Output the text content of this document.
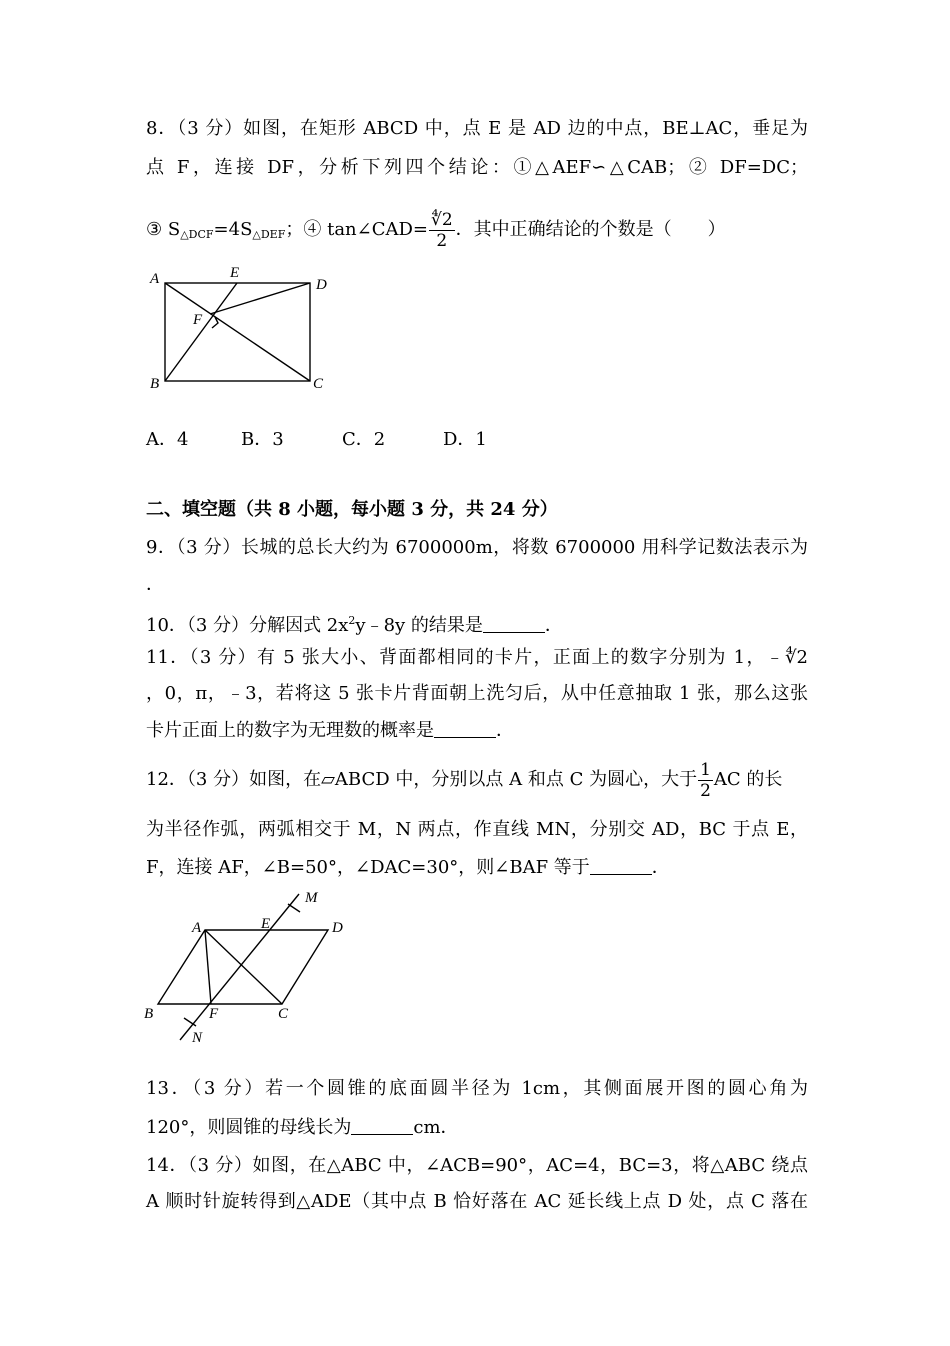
8．（3 分）如图，在矩形 ABCD 中，点 E 是 AD 边的中点，BE⊥AC，垂足为
点 F，连接 DF，分析下列四个结论：①△AEF∽△CAB；② DF=DC；
③ $S_{\triangle DCF}=4S_{\triangle DEF}$；④ tan∠CAD= $\frac{∜2}{2}$ ．其中正确结论的个数是（　　）
A	E
D
F
B	C
A．4	B．3	C．2	D．1
二、填空题（共 8 小题，每小题 3 分，共 24 分）
9．（3 分）长城的总长大约为 6700000m，将数 6700000 用科学记数法表示为
．
10．（3 分）分解因式 $2x^2y﹣8y$ 的结果是	．
11．（3 分）有 5 张大小、背面都相同的卡片，正面上的数字分别为 1，﹣∜2
，0，π，﹣3，若将这 5 张卡片背面朝上洗匀后，从中任意抽取 1 张，那么这张
卡片正面上的数字为无理数的概率是	．
12．（3 分）如图，在▱ABCD 中，分别以点 A 和点 C 为圆心，大于 $\frac{1}{2}$ AC 的长
为半径作弧，两弧相交于 M，N 两点，作直线 MN，分别交 AD，BC 于点 E，
F，连接 AF，∠B=50°，∠DAC=30°，则∠BAF 等于	．
A	E
M
D
B	F	C
N
13．（3 分）若一个圆锥的底面圆半径为 1cm，其侧面展开图的圆心角为
120°，则圆锥的母线长为	cm．
14．（3 分）如图，在△ABC 中，∠ACB=90°，AC=4，BC=3，将△ABC 绕点
A 顺时针旋转得到△ADE（其中点 B 恰好落在 AC 延长线上点 D 处，点 C 落在
